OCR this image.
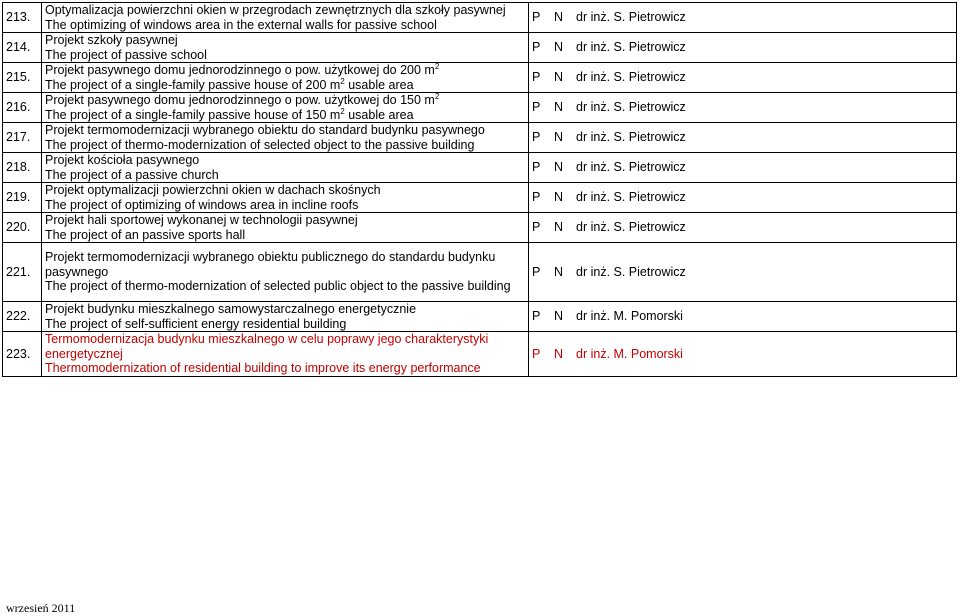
213.	Optymalizacja powierzchni okien w przegrodach zewnętrznych dla szkoły pasywnej
The optimizing of windows area in the external walls for passive school	P	N	dr inż. S. Pietrowicz
214.	Projekt szkoły pasywnej
The project of passive school	P	N	dr inż. S. Pietrowicz
215.	Projekt pasywnego domu jednorodzinnego o pow. użytkowej do 200 $m^2$
The project of a single-family passive house of 200 $m^2$ usable area	P	N	dr inż. S. Pietrowicz
216.	Projekt pasywnego domu jednorodzinnego o pow. użytkowej do 150 $m^2$
The project of a single-family passive house of 150 $m^2$ usable area	P	N	dr inż. S. Pietrowicz
217.	Projekt termomodernizacji wybranego obiektu do standard budynku pasywnego
The project of thermo-modernization of selected object to the passive building	P	N	dr inż. S. Pietrowicz
218.	Projekt kościoła pasywnego
The project of a passive church	P	N	dr inż. S. Pietrowicz
219.	Projekt optymalizacji powierzchni okien w dachach skośnych
The project of optimizing of windows area in incline roofs	P	N	dr inż. S. Pietrowicz
220.	Projekt hali sportowej wykonanej w technologii pasywnej
The project of an passive sports hall	P	N	dr inż. S. Pietrowicz
221.	Projekt termomodernizacji wybranego obiektu publicznego do standardu budynku pasywnego
The project of thermo-modernization of selected public object to the passive building	P	N	dr inż. S. Pietrowicz
222.	Projekt budynku mieszkalnego samowystarczalnego energetycznie
The project of self-sufficient energy residential building	P	N	dr inż. M. Pomorski
223.	Termomodernizacja budynku mieszkalnego w celu poprawy jego charakterystyki energetycznej
Thermomodernization of residential building to improve its energy performance	P	N	dr inż. M. Pomorski
wrzesień 2011
